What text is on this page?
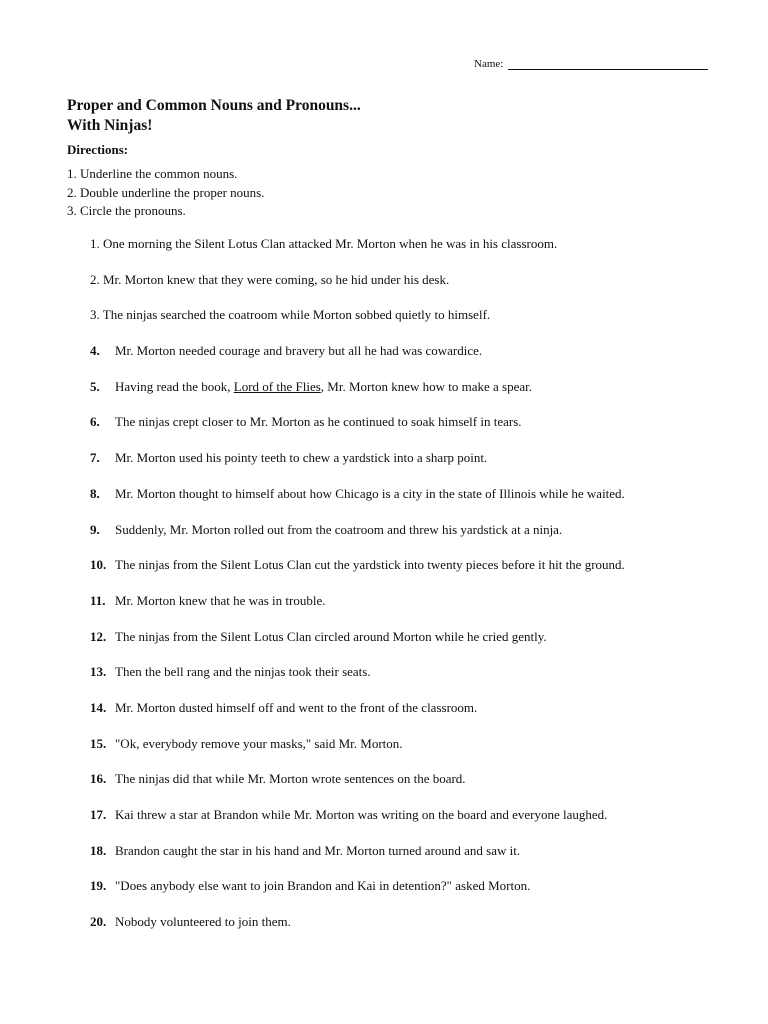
Name:
Proper and Common Nouns and Pronouns...
With Ninjas!
Directions:
1. Underline the common nouns.
2. Double underline the proper nouns.
3. Circle the pronouns.
1. One morning the Silent Lotus Clan attacked Mr. Morton when he was in his classroom.
2. Mr. Morton knew that they were coming, so he hid under his desk.
3. The ninjas searched the coatroom while Morton sobbed quietly to himself.
4. Mr. Morton needed courage and bravery but all he had was cowardice.
5. Having read the book, Lord of the Flies, Mr. Morton knew how to make a spear.
6. The ninjas crept closer to Mr. Morton as he continued to soak himself in tears.
7. Mr. Morton used his pointy teeth to chew a yardstick into a sharp point.
8. Mr. Morton thought to himself about how Chicago is a city in the state of Illinois while he waited.
9. Suddenly, Mr. Morton rolled out from the coatroom and threw his yardstick at a ninja.
10. The ninjas from the Silent Lotus Clan cut the yardstick into twenty pieces before it hit the ground.
11. Mr. Morton knew that he was in trouble.
12. The ninjas from the Silent Lotus Clan circled around Morton while he cried gently.
13. Then the bell rang and the ninjas took their seats.
14. Mr. Morton dusted himself off and went to the front of the classroom.
15. "Ok, everybody remove your masks," said Mr. Morton.
16. The ninjas did that while Mr. Morton wrote sentences on the board.
17. Kai threw a star at Brandon while Mr. Morton was writing on the board and everyone laughed.
18. Brandon caught the star in his hand and Mr. Morton turned around and saw it.
19. "Does anybody else want to join Brandon and Kai in detention?" asked Morton.
20. Nobody volunteered to join them.
